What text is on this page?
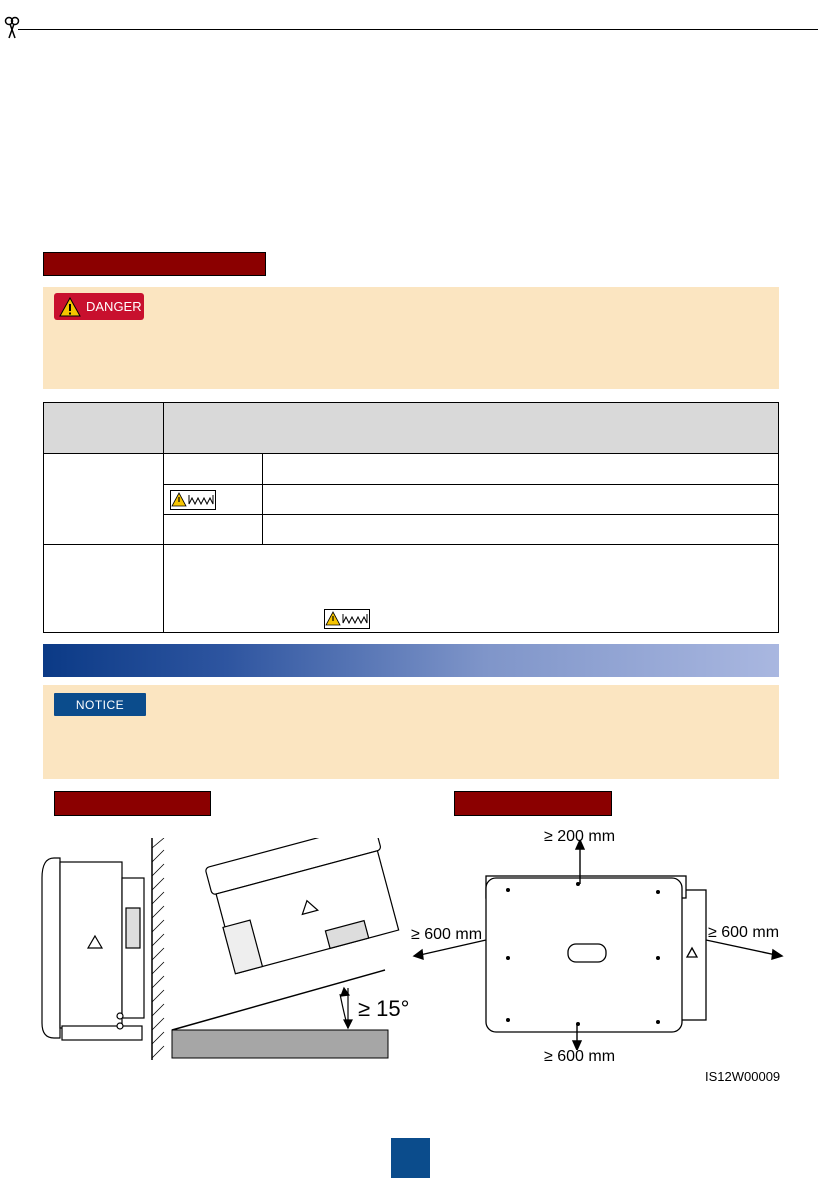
DANGER

NOTICE
≥ 15°
≥ 200 mm
≥ 600 mm	≥ 600 mm
≥ 600 mm
IS12W00009
